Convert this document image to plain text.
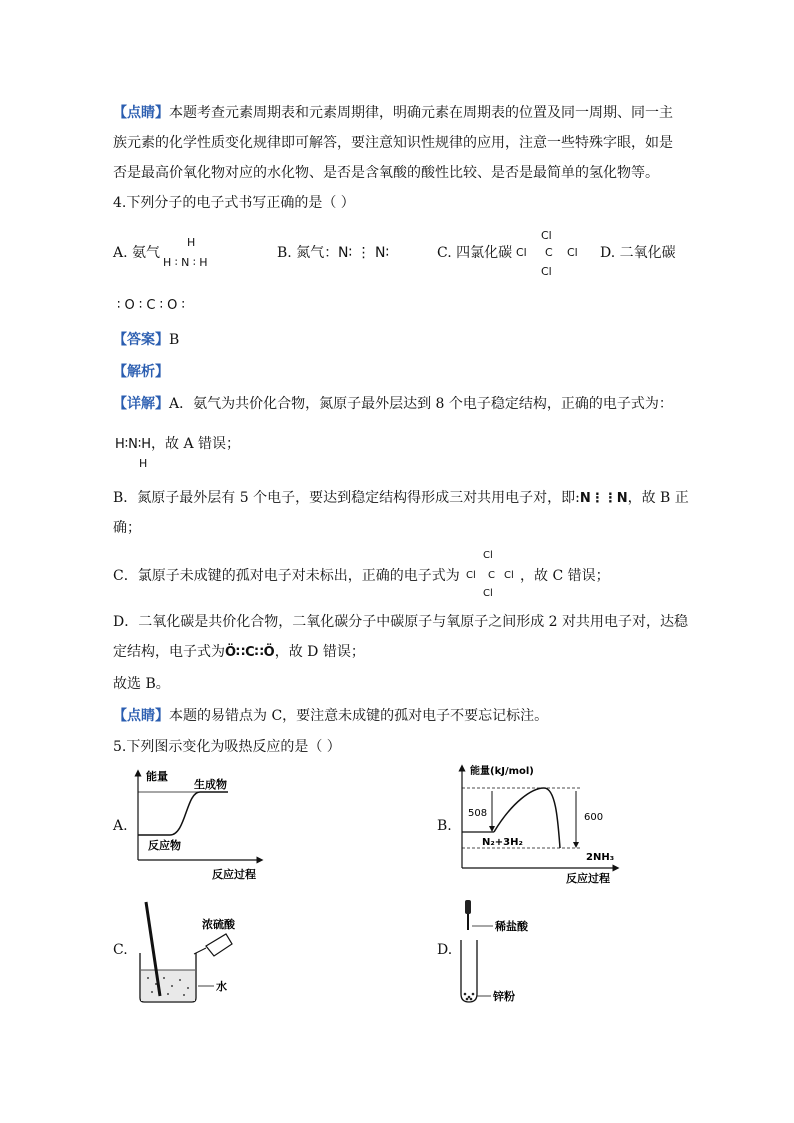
【点睛】本题考查元素周期表和元素周期律，明确元素在周期表的位置及同一周期、同一主
族元素的化学性质变化规律即可解答，要注意知识性规律的应用，注意一些特殊字眼，如是
否是最高价氧化物对应的水化物、是否是含氧酸的酸性比较、是否是最简单的氢化物等。
4.下列分子的电子式书写正确的是（ ）
A. 氨气
H
H ∶ N ∶ H
B. 氮气： N∶ ⋮ N∶	C. 四氯化碳
Cl
Cl C Cl
Cl
D. 二氧化碳
∶ O ∶ C ∶ O ∶
【答案】B
【解析】
【详解】A．氨气为共价化合物，氮原子最外层达到 8 个电子稳定结构，正确的电子式为：
H∶N∶H，故 A 错误；
H
B．氮原子最外层有 5 个电子，要达到稳定结构得形成三对共用电子对，即:N⋮⋮N，故 B 正
确；
C．氯原子未成键的孤对电子对未标出，正确的电子式为
Cl
Cl C Cl
Cl
，故 C 错误；
D．二氧化碳是共价化合物，二氧化碳分子中碳原子与氧原子之间形成 2 对共用电子对，达稳
定结构，电子式为Ö∷C∷Ö，故 D 错误；
故选 B。
【点睛】本题的易错点为 C，要注意未成键的孤对电子不要忘记标注。
5.下列图示变化为吸热反应的是（ ）
A.
能量
生成物
反应物
反应过程
B.
能量(kJ/mol)
508	600
N₂+3H₂
2NH₃
反应过程
C.
浓硫酸
水
D.
稀盐酸
锌粉
